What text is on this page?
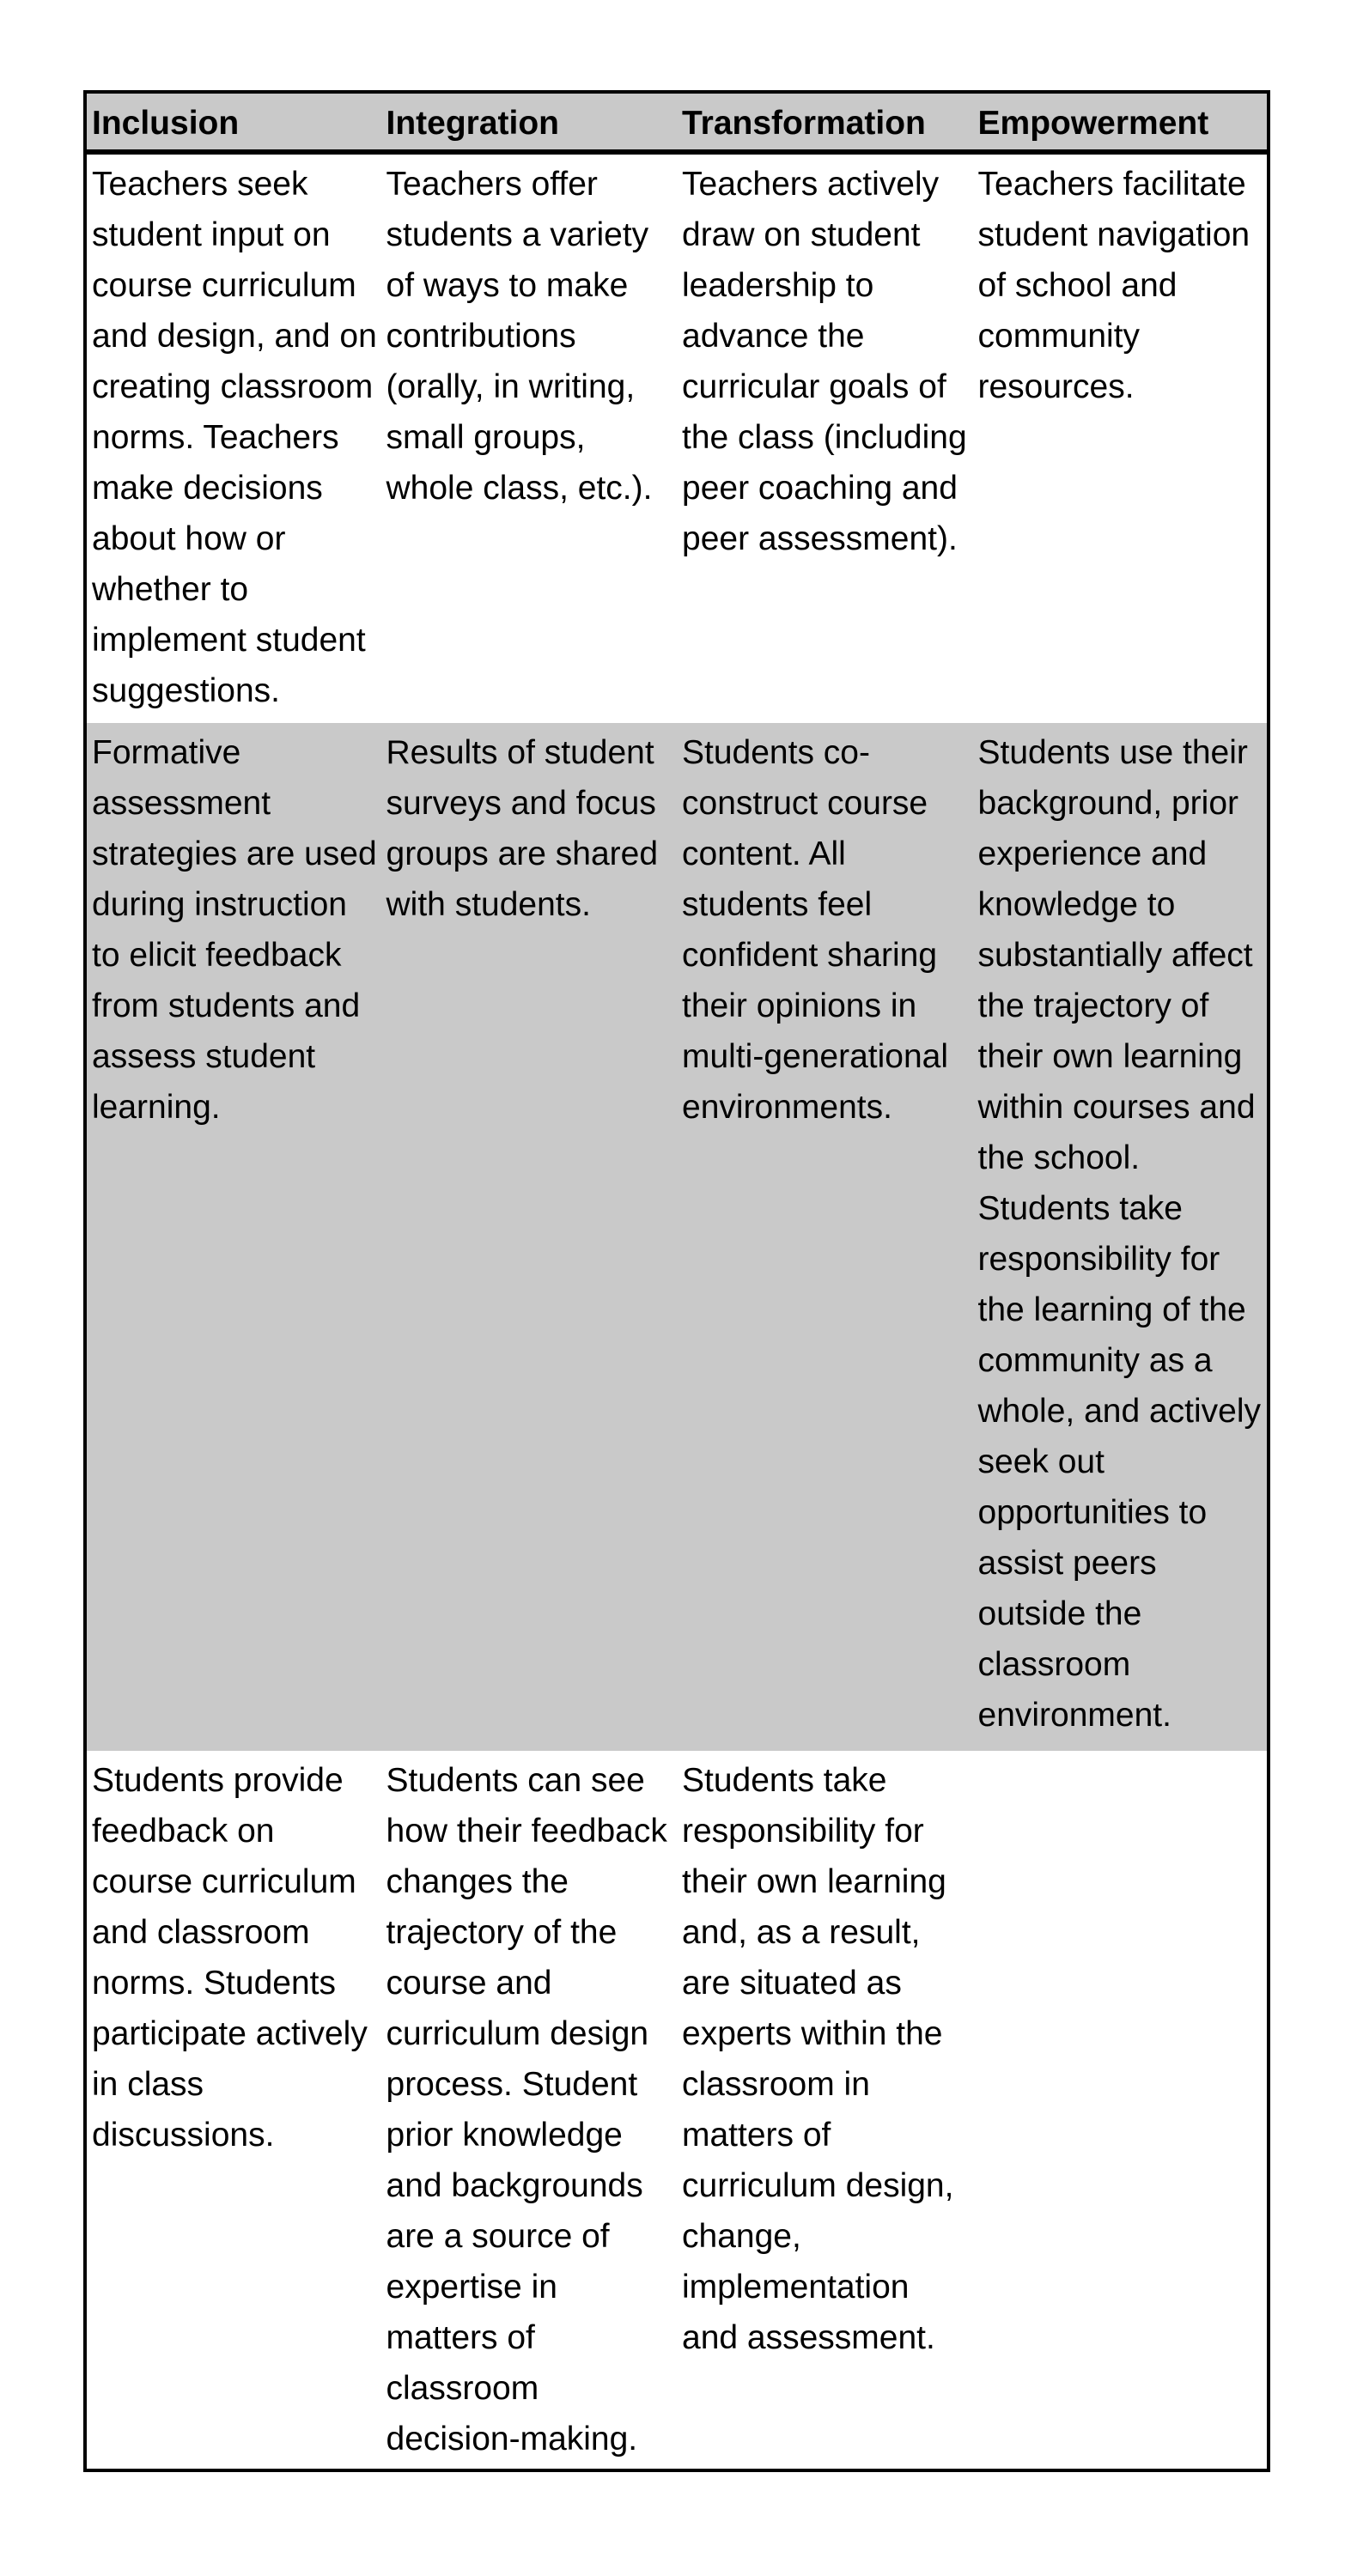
Inclusion	Integration	Transformation	Empowerment
Teachers seek student input on course curriculum and design, and on creating classroom norms. Teachers make decisions about how or whether to implement student suggestions.	Teachers offer students a variety of ways to make contributions (orally, in writing, small groups, whole class, etc.).	Teachers actively draw on student leadership to advance the curricular goals of the class (including peer coaching and peer assessment).	Teachers facilitate student navigation of school and community resources.
Formative assessment strategies are used during instruction to elicit feedback from students and assess student learning.	Results of student surveys and focus groups are shared with students.	Students co-construct course content. All students feel confident sharing their opinions in multi-generational environments.	Students use their background, prior experience and knowledge to substantially affect the trajectory of their own learning within courses and the school. Students take responsibility for the learning of the community as a whole, and actively seek out opportunities to assist peers outside the classroom environment.
Students provide feedback on course curriculum and classroom norms. Students participate actively in class discussions.	Students can see how their feedback changes the trajectory of the course and curriculum design process. Student prior knowledge and backgrounds are a source of expertise in matters of classroom decision-making.	Students take responsibility for their own learning and, as a result, are situated as experts within the classroom in matters of curriculum design, change, implementation and assessment.	
